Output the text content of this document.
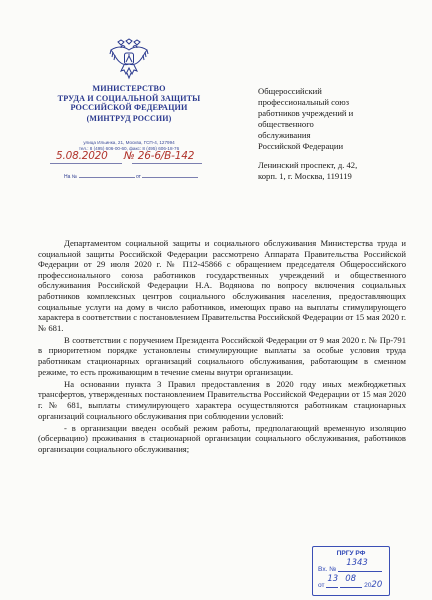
МИНИСТЕРСТВО
ТРУДА И СОЦИАЛЬНОЙ ЗАЩИТЫ
РОССИЙСКОЙ ФЕДЕРАЦИИ
(МИНТРУД РОССИИ)
улица Ильинка, 21, Москва, ГСП-4, 127994
тел.: 8 (495) 606-00-60, факс: 8 (495) 606-18-76
5.08.2020 № 26-6/В-142
На №	от
Общероссийский
профессиональный союз
работников учреждений и
общественного
обслуживания
Российской Федерации
Ленинский проспект, д. 42,
корп. 1, г. Москва, 119119

Департаментом социальной защиты и социального обслуживания Министерства труда и социальной защиты Российской Федерации рассмотрено Аппарата Правительства Российской Федерации от 29 июля 2020 г. № П12-45866 с обращением председателя Общероссийского профессионального союза работников государственных учреждений и общественного обслуживания Российской Федерации Н.А. Водянова по вопросу включения социальных работников комплексных центров социального обслуживания населения, предоставляющих социальные услуги на дому в число работников, имеющих право на выплаты стимулирующего характера в соответствии с постановлением Правительства Российской Федерации от 15 мая 2020 г. № 681.

В соответствии с поручением Президента Российской Федерации от 9 мая 2020 г. № Пр-791 в приоритетном порядке установлены стимулирующие выплаты за особые условия труда работникам стационарных организаций социального обслуживания, работающим в сменном режиме, то есть проживающим в течение смены внутри организации.

На основании пункта 3 Правил предоставления в 2020 году иных межбюджетных трансфертов, утвержденных постановлением Правительства Российской Федерации от 15 мая 2020 г. № 681, выплаты стимулирующего характера осуществляются работникам стационарных организаций социального обслуживания при соблюдении условий:

- в организации введен особый режим работы, предполагающий временную изоляцию (обсервацию) проживания в стационарной организации социального обслуживания, работников организации социального обслуживания;

ПРГУ РФ
Вх. №
1343
от
13
08
2020
